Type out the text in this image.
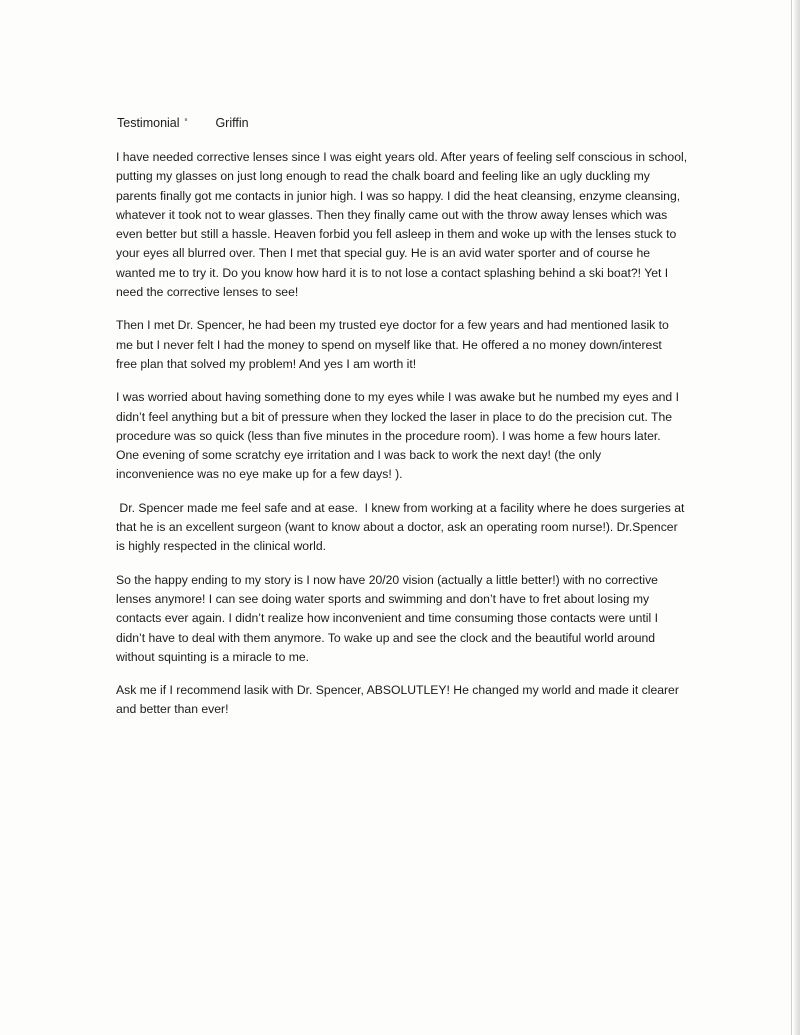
Testimonial $^{^n}$ Griffin
I have needed corrective lenses since I was eight years old. After years of feeling self conscious in school,
putting my glasses on just long enough to read the chalk board and feeling like an ugly duckling my
parents finally got me contacts in junior high. I was so happy. I did the heat cleansing, enzyme cleansing,
whatever it took not to wear glasses. Then they finally came out with the throw away lenses which was
even better but still a hassle. Heaven forbid you fell asleep in them and woke up with the lenses stuck to
your eyes all blurred over. Then I met that special guy. He is an avid water sporter and of course he
wanted me to try it. Do you know how hard it is to not lose a contact splashing behind a ski boat?! Yet I
need the corrective lenses to see!
Then I met Dr. Spencer, he had been my trusted eye doctor for a few years and had mentioned lasik to
me but I never felt I had the money to spend on myself like that. He offered a no money down/interest
free plan that solved my problem! And yes I am worth it!
I was worried about having something done to my eyes while I was awake but he numbed my eyes and I
didn’t feel anything but a bit of pressure when they locked the laser in place to do the precision cut. The
procedure was so quick (less than five minutes in the procedure room). I was home a few hours later.
One evening of some scratchy eye irritation and I was back to work the next day! (the only
inconvenience was no eye make up for a few days! ).
Dr. Spencer made me feel safe and at ease.  I knew from working at a facility where he does surgeries at
that he is an excellent surgeon (want to know about a doctor, ask an operating room nurse!). Dr.Spencer
is highly respected in the clinical world.
So the happy ending to my story is I now have 20/20 vision (actually a little better!) with no corrective
lenses anymore! I can see doing water sports and swimming and don’t have to fret about losing my
contacts ever again. I didn’t realize how inconvenient and time consuming those contacts were until I
didn’t have to deal with them anymore. To wake up and see the clock and the beautiful world around
without squinting is a miracle to me.
Ask me if I recommend lasik with Dr. Spencer, ABSOLUTLEY! He changed my world and made it clearer
and better than ever!
